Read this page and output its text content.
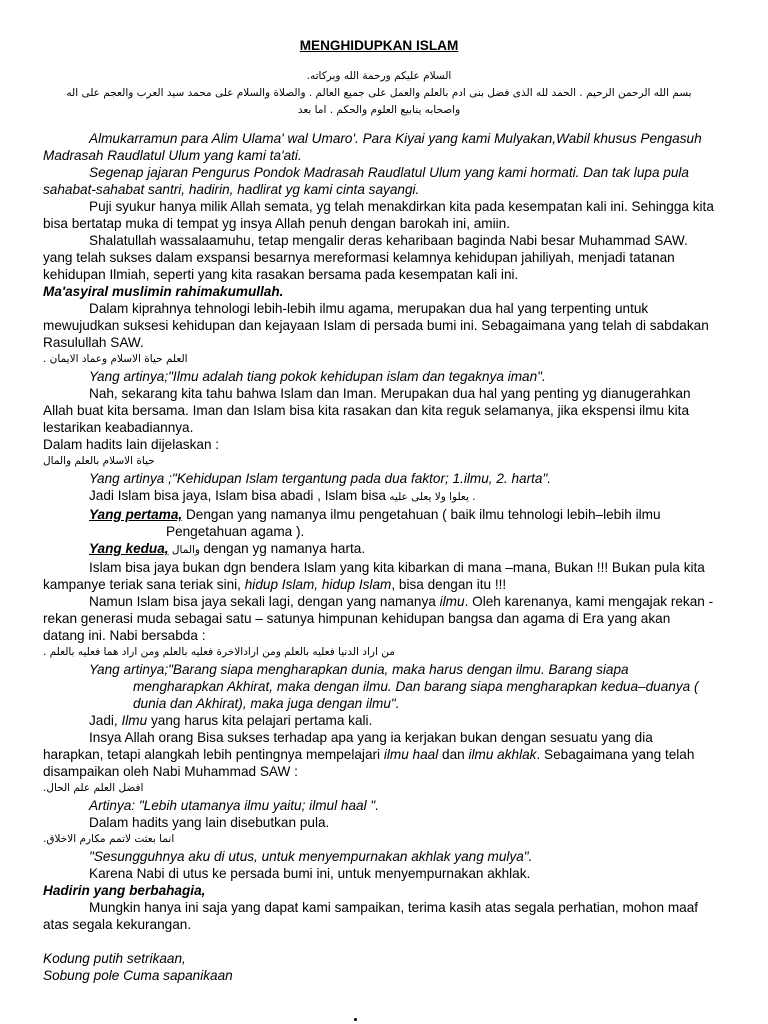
MENGHIDUPKAN ISLAM

السلام عليكم ورحمة الله وبركاته.

بسم الله الرحمن الرحيم . الحمد لله الذى فضل بنى ادم بالعلم والعمل على جميع العالم . والصلاة والسلام على محمد سيد العرب والعجم على اله

واصحابه ينابيع العلوم والحكم . اما بعد

Almukarramun para Alim Ulama' wal Umaro'. Para Kiyai yang kami Mulyakan,Wabil khusus Pengasuh Madrasah Raudlatul Ulum yang kami ta'ati.

Segenap jajaran Pengurus Pondok Madrasah Raudlatul Ulum yang kami hormati. Dan tak lupa pula sahabat-sahabat santri, hadirin, hadlirat yg kami cinta sayangi.

Puji syukur hanya milik Allah semata, yg telah menakdirkan kita pada kesempatan kali ini. Sehingga kita bisa bertatap muka di tempat yg insya Allah penuh dengan barokah ini, amiin.

Shalatullah wassalaamuhu, tetap mengalir deras keharibaan baginda Nabi besar Muhammad SAW. yang telah sukses dalam exspansi besarnya mereformasi kelamnya kehidupan jahiliyah, menjadi tatanan kehidupan Ilmiah, seperti yang kita rasakan bersama pada kesempatan kali ini.

Ma'asyiral muslimin rahimakumullah.

Dalam kiprahnya tehnologi lebih-lebih ilmu agama, merupakan dua hal yang terpenting untuk mewujudkan suksesi kehidupan dan kejayaan Islam di persada bumi ini. Sebagaimana yang telah di sabdakan Rasulullah SAW.

العلم حياة الاسلام وعماد الايمان .

Yang artinya;"Ilmu adalah tiang pokok kehidupan islam dan tegaknya iman".

Nah, sekarang kita tahu bahwa Islam dan Iman. Merupakan dua hal yang penting yg dianugerahkan Allah buat kita bersama. Iman dan Islam bisa kita rasakan dan kita reguk selamanya, jika ekspensi ilmu kita lestarikan keabadiannya.

Dalam hadits lain dijelaskan :

حياة الاسلام بالعلم والمال

Yang artinya ;"Kehidupan Islam tergantung pada dua faktor; 1.ilmu, 2. harta".

Jadi Islam bisa jaya, Islam bisa abadi , Islam bisa يعلوا ولا يعلى عليه .

Yang pertama, Dengan yang namanya ilmu pengetahuan ( baik ilmu tehnologi lebih–lebih ilmu

Pengetahuan agama ).

Yang kedua, والمال dengan yg namanya harta.

Islam bisa jaya bukan dgn bendera Islam yang kita kibarkan di mana –mana, Bukan !!! Bukan pula kita kampanye teriak sana teriak sini, hidup Islam, hidup Islam, bisa dengan itu !!!

Namun Islam bisa jaya sekali lagi, dengan yang namanya ilmu. Oleh karenanya, kami mengajak rekan - rekan generasi muda sebagai satu – satunya himpunan kehidupan bangsa dan agama di Era yang akan datang ini. Nabi bersabda :

من اراد الدنيا فعليه بالعلم ومن ارادالاخرة فعليه بالعلم ومن اراد هما فعليه بالعلم .

Yang artinya;"Barang siapa mengharapkan dunia, maka harus dengan ilmu. Barang siapa mengharapkan Akhirat, maka dengan ilmu. Dan barang siapa mengharapkan kedua–duanya ( dunia dan Akhirat), maka juga dengan ilmu".

Jadi, Ilmu yang harus kita pelajari pertama kali.

Insya Allah orang Bisa sukses terhadap apa yang ia kerjakan bukan dengan sesuatu yang dia harapkan, tetapi alangkah lebih pentingnya mempelajari ilmu haal dan ilmu akhlak. Sebagaimana yang telah disampaikan oleh Nabi Muhammad SAW :

افضل العلم علم الحال.

Artinya: "Lebih utamanya ilmu yaitu; ilmul haal ".

Dalam hadits yang lain disebutkan pula.

انما بعثت لاتمم مكارم الاخلاق.

"Sesungguhnya aku di utus, untuk menyempurnakan akhlak yang mulya".

Karena Nabi di utus ke persada bumi ini, untuk menyempurnakan akhlak.

Hadirin yang berbahagia,

Mungkin hanya ini saja yang dapat kami sampaikan, terima kasih atas segala perhatian, mohon maaf atas segala kekurangan.

Kodung putih setrikaan,

Sobung pole Cuma sapanikaan
